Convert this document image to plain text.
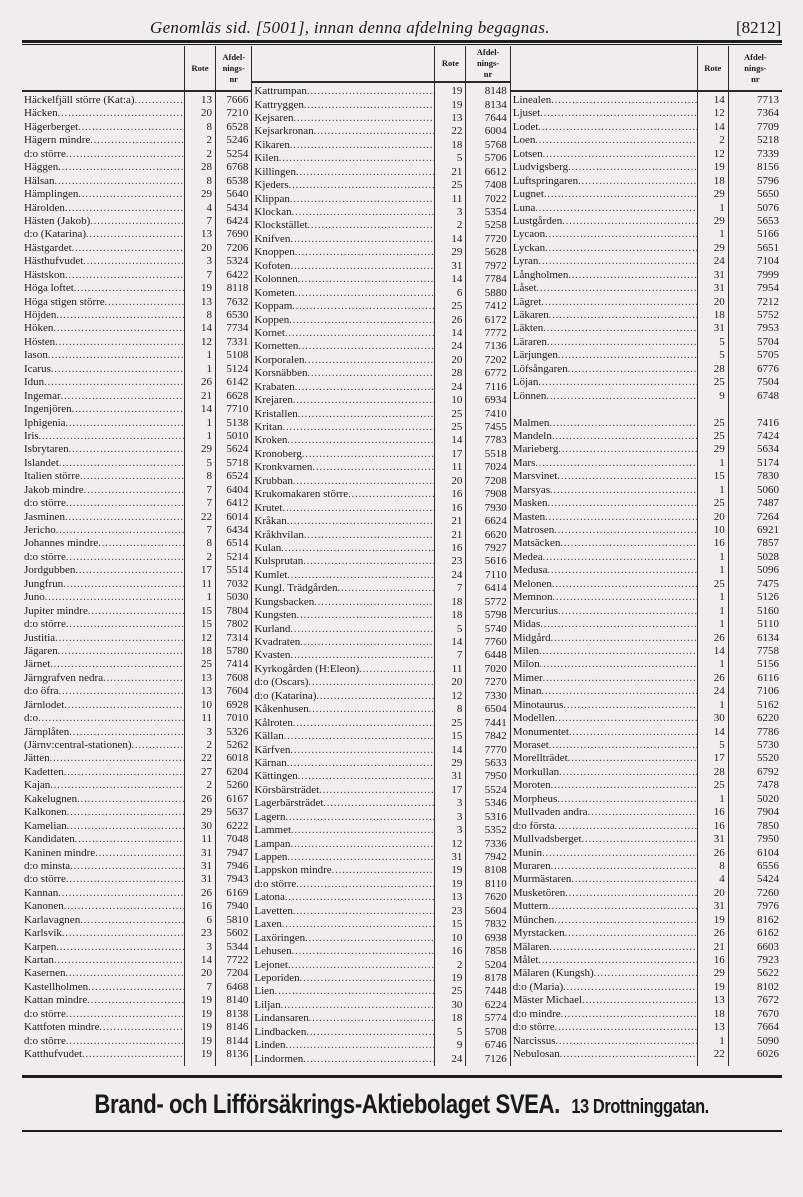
Genomläs sid. [5001], innan denna afdelning begagnas.	[8212]
Häckelfjäll större (Kat:a)
.....
Häcken
.....
Hägerberget
.....
Hägern mindre
.....
d:o större
.....
Häggen
.....
Hälsan
.....
Hämplingen
.....
Härolden
.....
Hästen (Jakob)
.....
d:o (Katarina)
.....
Hästgardet
.....
Hästhufvudet
.....
Hästskon
.....
Höga loftet
.....
Höga stigen större
.....
Höjden
.....
Höken
.....
Hösten
.....
Iason
.....
Icarus
.....
Idun
.....
Ingemar
.....
Ingenjören
.....
Iphigenia
.....
Iris
.....
Isbrytaren
.....
Islandet
.....
Italien större
.....
Jakob mindre
.....
d:o större
.....
Jasminen
.....
Jericho
.....
Johannes mindre
.....
d:o större
.....
Jordgubben
.....
Jungfrun
.....
Juno
.....
Jupiter mindre
.....
d:o större
.....
Justitia
.....
Jägaren
.....
Järnet
.....
Järngrafven nedra
.....
d:o öfra
.....
Järnlodet
.....
d:o
.....
Järnplåten
.....
(Järnv:central-stationen)
.....
Jätten
.....
Kadetten
.....
Kajan
.....
Kakelugnen
.....
Kalkonen
.....
Kamelian
.....
Kandidaten
.....
Kaninen mindre
.....
d:o minsta
.....
d:o större
.....
Kannan
.....
Kanonen
.....
Karlavagnen
.....
Karlsvik
.....
Karpen
.....
Kartan
.....
Kasernen
.....
Kastellholmen
.....
Kattan mindre
.....
d:o större
.....
Kattfoten mindre
.....
d:o större
.....
Katthufvudet
.....
Rote
13
20
8
2
2
28
8
29
4
7
13
20
3
7
19
13
8
14
12
1
1
26
21
14
1
1
29
5
8
7
7
22
7
8
2
17
11
1
15
15
12
18
25
13
13
10
11
3
2
22
27
2
26
29
30
11
31
31
31
26
16
6
23
3
14
20
7
19
19
19
19
19
Afdel-
nings-
nr
7666
7210
6528
5246
5254
6768
6538
5640
5434
6424
7690
7206
5324
6422
8118
7632
6530
7734
7331
5108
5124
6142
6628
7710
5138
5010
5624
5718
6524
6404
6412
6014
6434
6514
5214
5514
7032
5030
7804
7802
7314
5780
7414
7608
7604
6928
7010
5326
5262
6018
6204
5260
6167
5637
6222
7048
7947
7946
7943
6169
7940
5810
5602
5344
7722
7204
6468
8140
8138
8146
8144
8136
Kattrumpan
.....
Kattryggen
.....
Kejsaren
.....
Kejsarkronan
.....
Kikaren
.....
Kilen
.....
Killingen
.....
Kjeders
.....
Klippan
.....
Klockan
.....
Klockstället
.....
Knifven
.....
Knoppen
.....
Kofoten
.....
Kolonnen
.....
Kometen
.....
Koppam
.....
Koppen
.....
Kornet
.....
Kornetten
.....
Korporalen
.....
Korsnäbben
.....
Krabaten
.....
Krejaren
.....
Kristallen
.....
Kritan
.....
Kroken
.....
Kronoberg
.....
Kronkvarnen
.....
Krubban
.....
Krukomakaren större
.....
Krutet
.....
Kråkan
.....
Kråkhvilan
.....
Kulan
.....
Kulsprutan
.....
Kumlet
.....
Kungl. Trädgården
.....
Kungsbacken
.....
Kungsten
.....
Kurland
.....
Kvadraten
.....
Kvasten
.....
Kyrkogården (H:Eleon)
.....
d:o (Oscars)
.....
d:o (Katarina)
.....
Kåkenhusen
.....
Kålroten
.....
Källan
.....
Kärfven
.....
Kärnan
.....
Kättingen
.....
Körsbärsträdet
.....
Lagerbärsträdet
.....
Lagern
.....
Lammet
.....
Lampan
.....
Lappen
.....
Lappskon mindre
.....
d:o större
.....
Latona
.....
Lavetten
.....
Laxen
.....
Laxöringen
.....
Lehusen
.....
Lejonet
.....
Leporiden
.....
Lien
.....
Liljan
.....
Lindansaren
.....
Lindbacken
.....
Linden
.....
Lindormen
.....
Rote
19
19
13
22
18
5
21
25
11
3
2
14
29
31
14
6
25
26
14
24
20
28
24
10
25
25
14
17
11
20
16
16
21
21
16
23
24
7
18
18
5
14
7
11
20
12
8
25
15
14
29
31
17
3
3
3
12
31
19
19
13
23
15
10
16
2
19
25
30
18
5
9
24
Afdel-
nings-
nr
8148
8134
7644
6004
5768
5706
6612
7408
7022
5354
5258
7720
5628
7972
7784
5880
7412
6172
7772
7136
7202
6772
7116
6934
7410
7455
7783
5518
7024
7208
7908
7930
6624
6620
7927
5616
7110
6414
5772
5798
5740
7760
6448
7020
7270
7330
6504
7441
7842
7770
5633
7950
5524
5346
5316
5352
7336
7942
8108
8110
7620
5604
7832
6938
7858
5204
8178
7448
6224
5774
5708
6746
7126
Linealen
.....
Ljuset
.....
Lodet
.....
Loen
.....
Lotsen
.....
Ludvigsberg
.....
Luftspringaren
.....
Lugnet
.....
Luna
.....
Lustgården
.....
Lycaon
.....
Lyckan
.....
Lyran
.....
Långholmen
.....
Låset
.....
Lägret
.....
Läkaren
.....
Läkten
.....
Läraren
.....
Lärjungen
.....
Löfsångaren
.....
Löjan
.....
Lönnen
.....
Malmen
.....
Mandeln
.....
Marieberg
.....
Mars
.....
Marsvinet
.....
Marsyas
.....
Masken
.....
Masten
.....
Matrosen
.....
Matsäcken
.....
Medea
.....
Medusa
.....
Melonen
.....
Memnon
.....
Mercurius
.....
Midas
.....
Midgård
.....
Milen
.....
Milon
.....
Mimer
.....
Minan
.....
Minotaurus
.....
Modellen
.....
Monumentet
.....
Moraset
.....
Morellträdet
.....
Morkullan
.....
Moroten
.....
Morpheus
.....
Mullvaden andra
.....
d:o första
.....
Mullvadsberget
.....
Munin
.....
Muraren
.....
Murmästaren
.....
Musketören
.....
Muttern
.....
München
.....
Myrstacken
.....
Mälaren
.....
Målet
.....
Mälaren (Kungsh)
.....
d:o (Maria)
.....
Mäster Michael
.....
d:o mindre
.....
d:o större
.....
Narcissus
.....
Nebulosan
.....
Rote
14
12
14
2
12
19
18
29
1
29
1
29
24
31
31
20
18
31
5
5
28
25
9
25
25
29
1
15
1
25
20
10
16
1
1
25
1
1
1
26
14
1
26
24
1
30
14
5
17
28
25
1
16
16
31
26
8
4
20
31
19
26
21
16
29
19
13
18
13
1
22
Afdel-
nings-
nr
7713
7364
7709
5218
7339
8156
5796
5650
5076
5653
5166
5651
7104
7999
7954
7212
5752
7953
5704
5705
6776
7504
6748
7416
7424
5634
5174
7830
5060
7487
7264
6921
7857
5028
5096
7475
5126
5160
5110
6134
7758
5156
6116
7106
5162
6220
7786
5730
5520
6792
7478
5020
7904
7850
7950
6104
6556
5424
7260
7976
8162
6162
6603
7923
5622
8102
7672
7670
7664
5090
6026
Brand- och Lifförsäkrings-Aktiebolaget SVEA. 13 Drottninggatan.
